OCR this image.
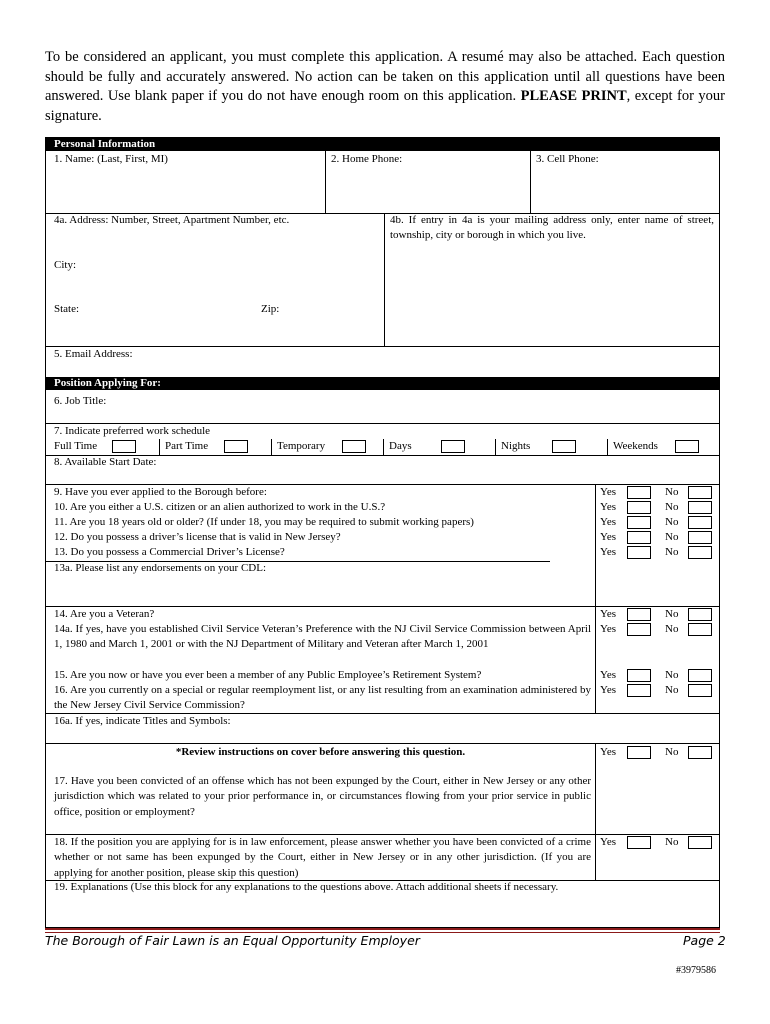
To be considered an applicant, you must complete this application. A resumé may also be attached. Each question should be fully and accurately answered. No action can be taken on this application until all questions have been answered. Use blank paper if you do not have enough room on this application. PLEASE PRINT, except for your signature.
Personal Information
1. Name: (Last, First, MI)	2. Home Phone:	3. Cell Phone:
4a. Address: Number, Street, Apartment Number, etc.	4b. If entry in 4a is your mailing address only, enter name of street, township, city or borough in which you live.
City:
State:	Zip:
5. Email Address:
Position Applying For:
6. Job Title:
7. Indicate preferred work schedule
Full Time	Part Time	Temporary	Days	Nights	Weekends
8. Available Start Date:
9. Have you ever applied to the Borough before:	Yes	No
10. Are you either a U.S. citizen or an alien authorized to work in the U.S.?	Yes	No
11. Are you 18 years old or older? (If under 18, you may be required to submit working papers)	Yes	No
12. Do you possess a driver’s license that is valid in New Jersey?	Yes	No
13. Do you possess a Commercial Driver’s License?	Yes	No
13a. Please list any endorsements on your CDL:
14. Are you a Veteran?	Yes	No
14a. If yes, have you established Civil Service Veteran’s Preference with the NJ Civil Service Commission between April 1, 1980 and March 1, 2001 or with the NJ Department of Military and Veteran after March 1, 2001
Yes	No
15. Are you now or have you ever been a member of any Public Employee’s Retirement System?	Yes	No
16. Are you currently on a special or regular reemployment list, or any list resulting from an examination administered by the New Jersey Civil Service Commission?
Yes	No
16a. If yes, indicate Titles and Symbols:
*Review instructions on cover before answering this question.	Yes	No
17. Have you been convicted of an offense which has not been expunged by the Court, either in New Jersey or any other jurisdiction which was related to your prior performance in, or circumstances flowing from your prior service in public office, position or employment?
18. If the position you are applying for is in law enforcement, please answer whether you have been convicted of a crime whether or not same has been expunged by the Court, either in New Jersey or in any other jurisdiction. (If you are applying for another position, please skip this question)
Yes	No
19. Explanations (Use this block for any explanations to the questions above. Attach additional sheets if necessary.
The Borough of Fair Lawn is an Equal Opportunity Employer	Page 2
#3979586
